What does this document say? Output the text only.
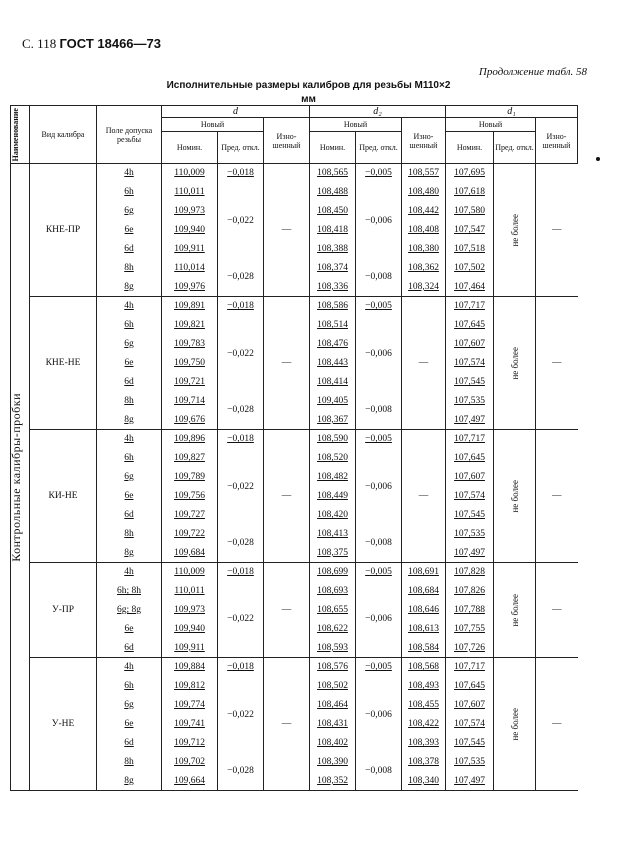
С. 118 ГОСТ 18466—73
Продолжение табл. 58
Исполнительные размеры калибров для резьбы М110×2
мм
Наименование	Вид калибра	Поле допуска резьбы	d			d₂			d₁		
			Новый		Изно-шенный	Новый		Изно-шенный	Новый		Изно-шенный
			Номин.	Пред. откл.		Номин.	Пред. откл.		Номин.	Пред. откл.	

Контрольные калибры-пробки	КНЕ-ПР	4h	110,009	−0,018	—	108,565	−0,005	108,557	107,695	не более	—
		6h	110,011	−0,022		108,488	−0,006	108,480	107,618		
		6g	109,973			108,450		108,442	107,580		
		6e	109,940			108,418		108,408	107,547		
		6d	109,911			108,388		108,380	107,518		
		8h	110,014	−0,028		108,374	−0,008	108,362	107,502		
		8g	109,976			108,336		108,324	107,464		
	КНЕ-НЕ	4h	109,891	−0,018	—	108,586	−0,005	—	107,717	не более	—
		6h	109,821	−0,022		108,514	−0,006		107,645		
		6g	109,783			108,476			107,607		
		6e	109,750			108,443			107,574		
		6d	109,721			108,414			107,545		
		8h	109,714	−0,028		109,405	−0,008		107,535		
		8g	109,676			108,367			107,497		
	КИ-НЕ	4h	109,896	−0,018	—	108,590	−0,005	—	107,717	не более	—
		6h	109,827	−0,022		108,520	−0,006		107,645		
		6g	109,789			108,482			107,607		
		6e	109,756			108,449			107,574		
		6d	109,727			108,420			107,545		
		8h	109,722	−0,028		108,413	−0,008		107,535		
		8g	109,684			108,375			107,497		
	У-ПР	4h	110,009	−0,018	—	108,699	−0,005	108,691	107,828	не более	—
		6h; 8h	110,011	−0,022		108,693	−0,006	108,684	107,826		
		6g; 8g	109,973			108,655		108,646	107,788		
		6e	109,940			108,622		108,613	107,755		
		6d	109,911			108,593		108,584	107,726		
	У-НЕ	4h	109,884	−0,018	—	108,576	−0,005	108,568	107,717	не более	—
		6h	109,812	−0,022		108,502	−0,006	108,493	107,645		
		6g	109,774			108,464		108,455	107,607		
		6e	109,741			108,431		108,422	107,574		
		6d	109,712			108,402		108,393	107,545		
		8h	109,702	−0,028		108,390	−0,008	108,378	107,535		
		8g	109,664			108,352		108,340	107,497		
